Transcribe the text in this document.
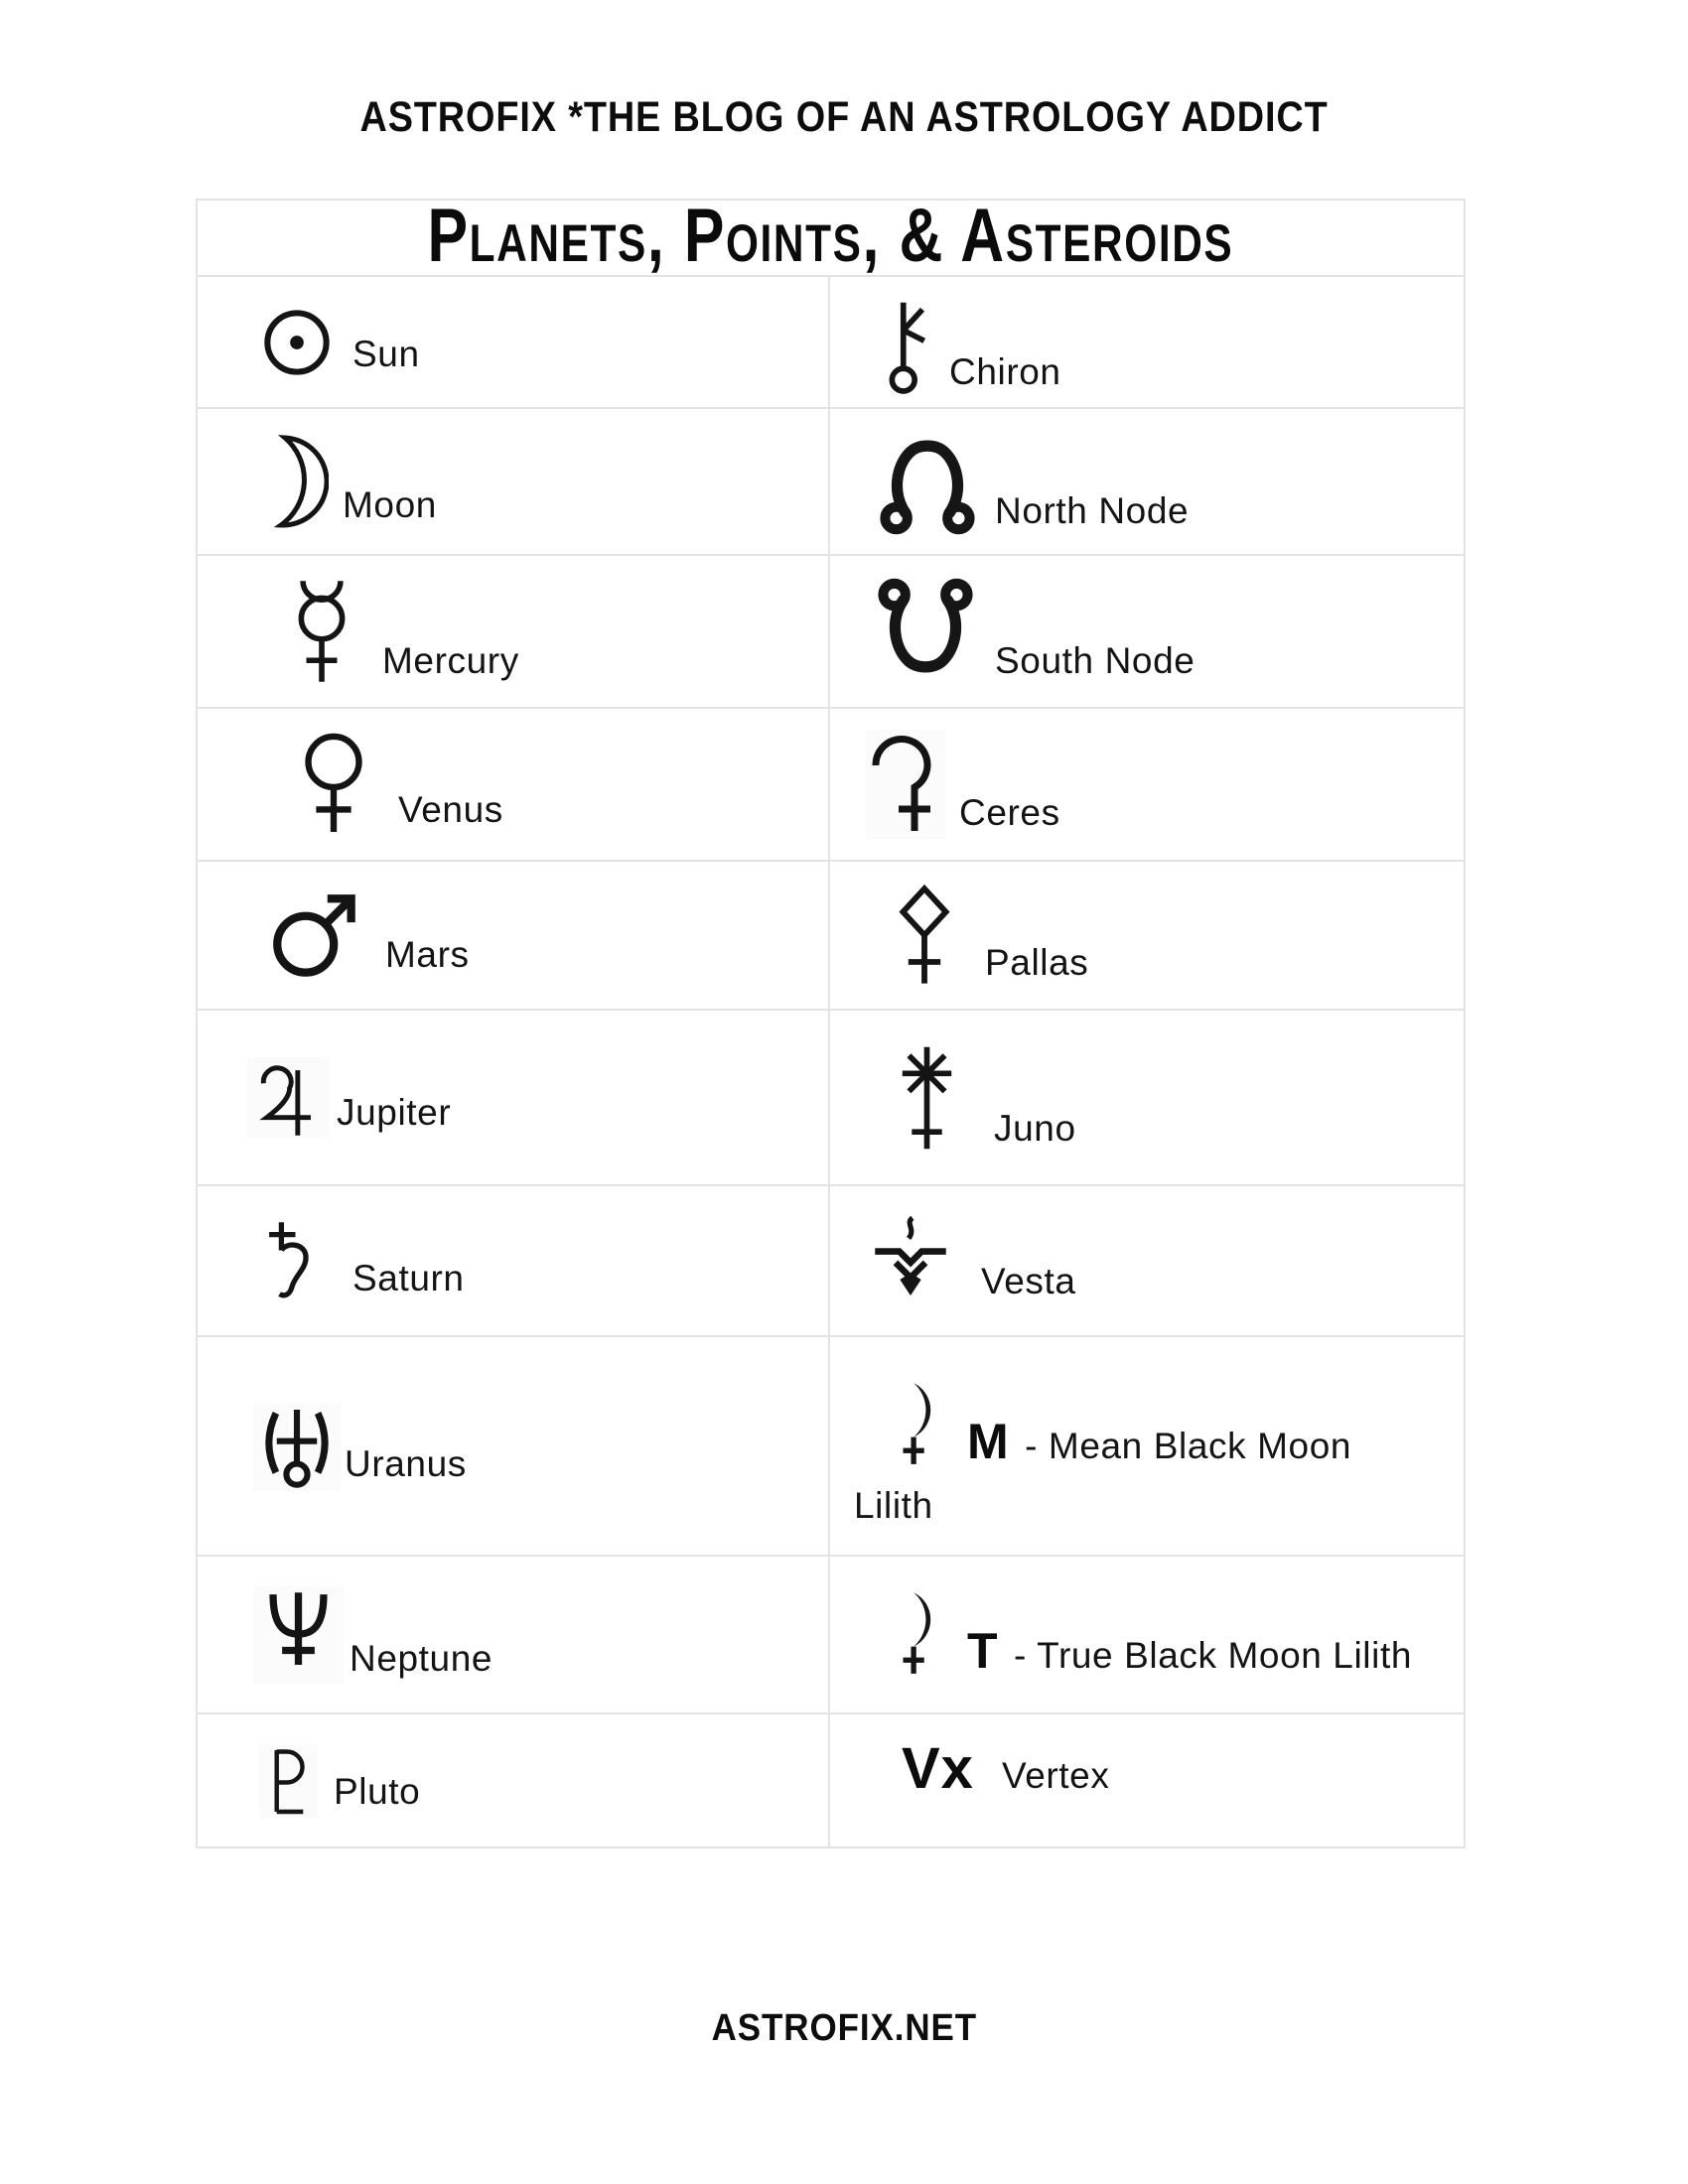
ASTROFIX *THE BLOG OF AN ASTROLOGY ADDICT
Planets, Points, & Asteroids
Sun	Chiron
Moon	North Node
Mercury	South Node
Venus	Ceres
Mars	Pallas
Jupiter	Juno
Saturn	Vesta
Uranus	M - Mean Black Moon Lilith
Neptune	T - True Black Moon Lilith
Pluto	Vx Vertex
ASTROFIX.NET
